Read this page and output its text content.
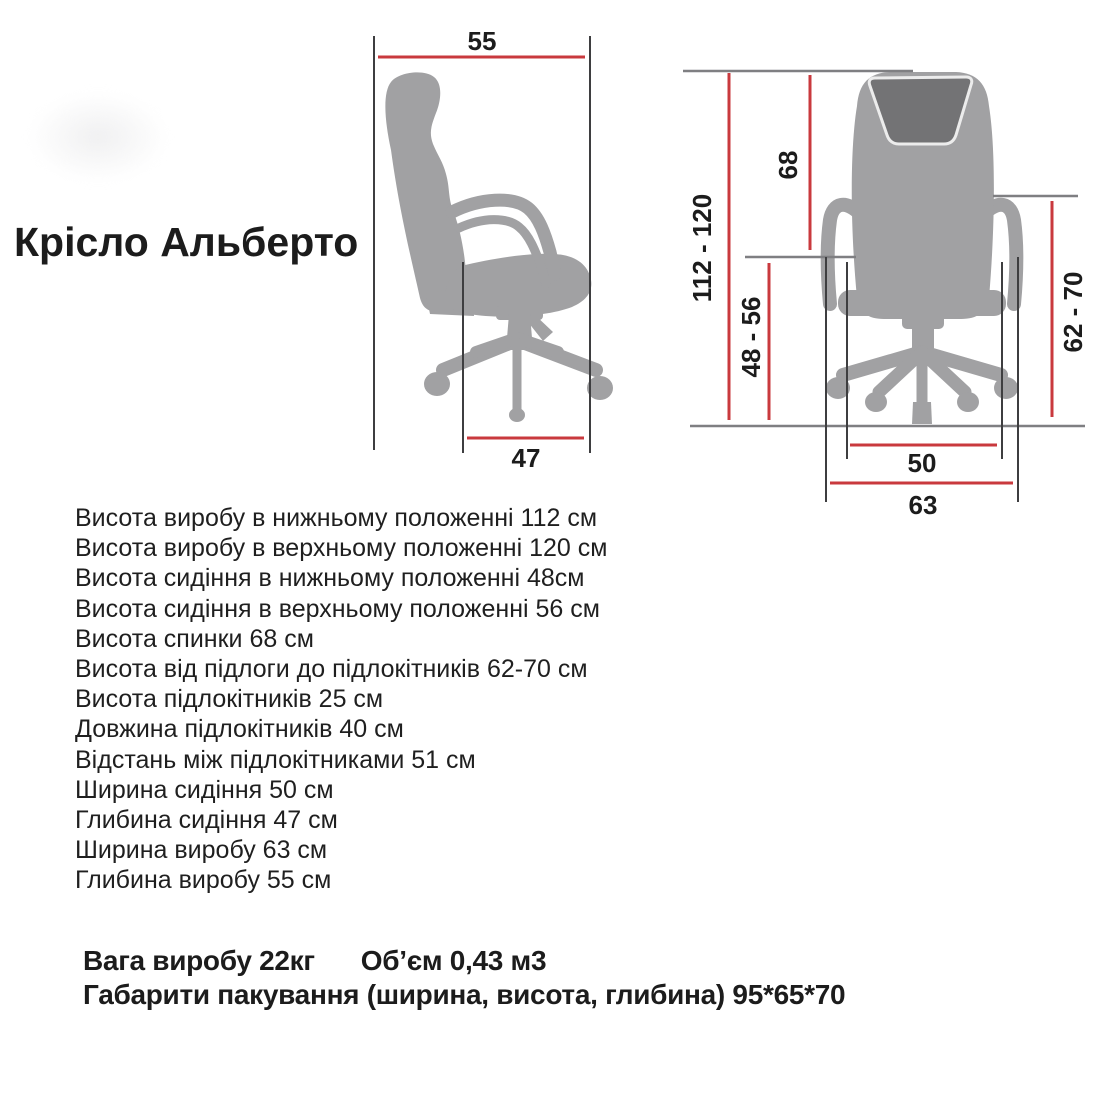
Крісло Альберто
55
47
112 - 120
68
48 - 56	62 - 70
50
63
Висота виробу в нижньому положенні 112 см
Висота виробу в верхньому положенні 120 см
Висота сидіння в нижньому положенні 48см
Висота сидіння в верхньому положенні 56 см
Висота спинки 68 см
Висота від підлоги до підлокітників 62-70 см
Висота підлокітників 25 см
Довжина підлокітників 40 см
Відстань між підлокітниками 51 см
Ширина сидіння 50 см
Глибина сидіння 47 см
Ширина виробу 63 см
Глибина виробу 55 см
Вага виробу 22кг Об’єм 0,43 м3
Габарити пакування (ширина, висота, глибина) 95*65*70
